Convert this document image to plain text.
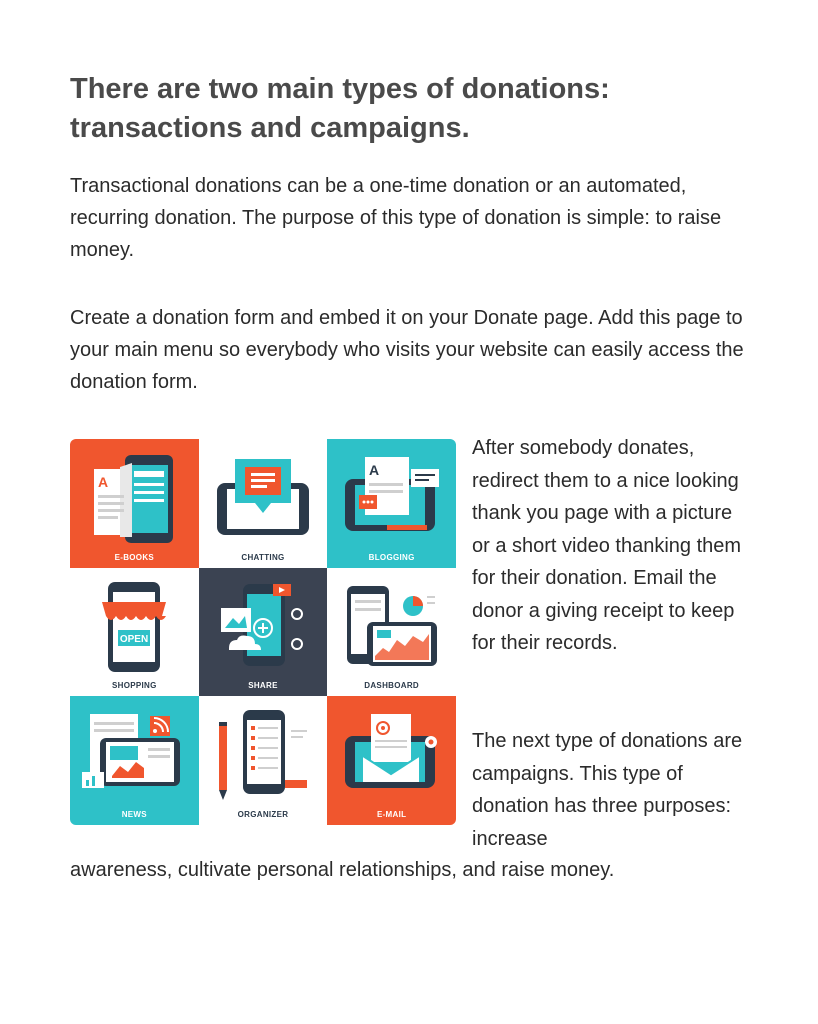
There are two main types of donations: transactions and campaigns.

Transactional donations can be a one-time donation or an automated, recurring donation. The purpose of this type of donation is simple: to raise money.

Create a donation form and embed it on your Donate page. Add this page to your main menu so everybody who visits your website can easily access the donation form.

A
E-BOOKS	CHATTING
A
BLOGGING
OPEN
SHOPPING	SHARE	DASHBOARD
NEWS	ORGANIZER	E-MAIL

After somebody donates, redirect them to a nice looking thank you page with a picture or a short video thanking them for their donation. Email the donor a giving receipt to keep for their records.

The next type of donations are campaigns. This type of donation has three purposes: increase

awareness, cultivate personal relationships, and raise money.
